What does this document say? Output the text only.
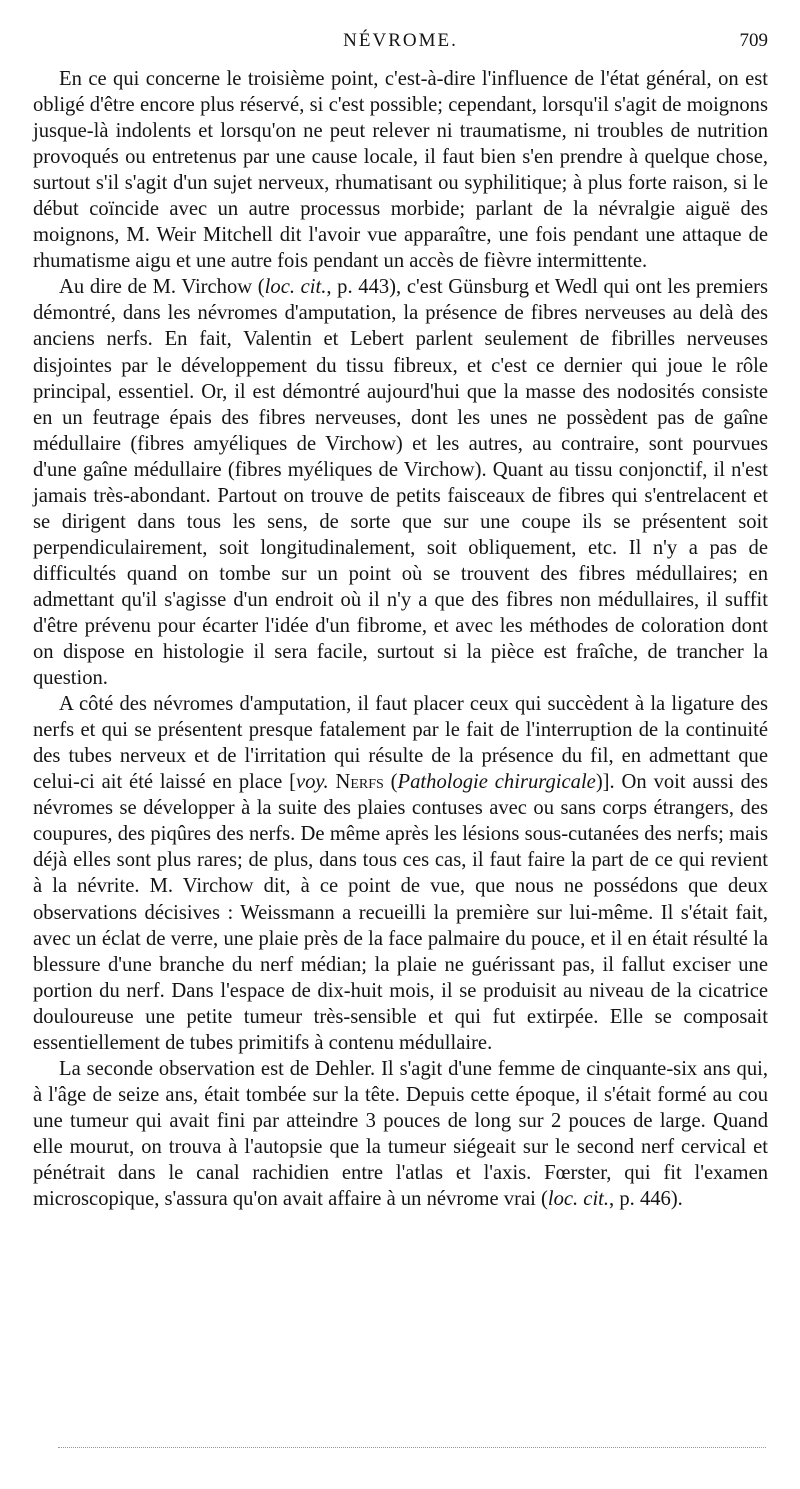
NÉVROME.	709

En ce qui concerne le troisième point, c'est-à-dire l'influence de l'état général, on est obligé d'être encore plus réservé, si c'est possible; cependant, lorsqu'il s'agit de moignons jusque-là indolents et lorsqu'on ne peut relever ni traumatisme, ni troubles de nutrition provoqués ou entretenus par une cause locale, il faut bien s'en prendre à quelque chose, surtout s'il s'agit d'un sujet nerveux, rhumatisant ou syphilitique; à plus forte raison, si le début coïncide avec un autre processus morbide; parlant de la névralgie aiguë des moignons, M. Weir Mitchell dit l'avoir vue apparaître, une fois pendant une attaque de rhumatisme aigu et une autre fois pendant un accès de fièvre intermittente.

Au dire de M. Virchow (loc. cit., p. 443), c'est Günsburg et Wedl qui ont les premiers démontré, dans les névromes d'amputation, la présence de fibres nerveuses au delà des anciens nerfs. En fait, Valentin et Lebert parlent seulement de fibrilles nerveuses disjointes par le développement du tissu fibreux, et c'est ce dernier qui joue le rôle principal, essentiel. Or, il est démontré aujourd'hui que la masse des nodosités consiste en un feutrage épais des fibres nerveuses, dont les unes ne possèdent pas de gaîne médullaire (fibres amyéliques de Virchow) et les autres, au contraire, sont pourvues d'une gaîne médullaire (fibres myéliques de Virchow). Quant au tissu conjonctif, il n'est jamais très-abondant. Partout on trouve de petits faisceaux de fibres qui s'entrelacent et se dirigent dans tous les sens, de sorte que sur une coupe ils se présentent soit perpendiculairement, soit longitudinalement, soit obliquement, etc. Il n'y a pas de difficultés quand on tombe sur un point où se trouvent des fibres médullaires; en admettant qu'il s'agisse d'un endroit où il n'y a que des fibres non médullaires, il suffit d'être prévenu pour écarter l'idée d'un fibrome, et avec les méthodes de coloration dont on dispose en histologie il sera facile, surtout si la pièce est fraîche, de trancher la question.

A côté des névromes d'amputation, il faut placer ceux qui succèdent à la ligature des nerfs et qui se présentent presque fatalement par le fait de l'interruption de la continuité des tubes nerveux et de l'irritation qui résulte de la présence du fil, en admettant que celui-ci ait été laissé en place [voy. Nerfs (Pathologie chirurgicale)]. On voit aussi des névromes se développer à la suite des plaies contuses avec ou sans corps étrangers, des coupures, des piqûres des nerfs. De même après les lésions sous-cutanées des nerfs; mais déjà elles sont plus rares; de plus, dans tous ces cas, il faut faire la part de ce qui revient à la névrite. M. Virchow dit, à ce point de vue, que nous ne possédons que deux observations décisives : Weissmann a recueilli la première sur lui-même. Il s'était fait, avec un éclat de verre, une plaie près de la face palmaire du pouce, et il en était résulté la blessure d'une branche du nerf médian; la plaie ne guérissant pas, il fallut exciser une portion du nerf. Dans l'espace de dix-huit mois, il se produisit au niveau de la cicatrice douloureuse une petite tumeur très-sensible et qui fut extirpée. Elle se composait essentiellement de tubes primitifs à contenu médullaire.

La seconde observation est de Dehler. Il s'agit d'une femme de cinquante-six ans qui, à l'âge de seize ans, était tombée sur la tête. Depuis cette époque, il s'était formé au cou une tumeur qui avait fini par atteindre 3 pouces de long sur 2 pouces de large. Quand elle mourut, on trouva à l'autopsie que la tumeur siégeait sur le second nerf cervical et pénétrait dans le canal rachidien entre l'atlas et l'axis. Fœrster, qui fit l'examen microscopique, s'assura qu'on avait affaire à un névrome vrai (loc. cit., p. 446).
